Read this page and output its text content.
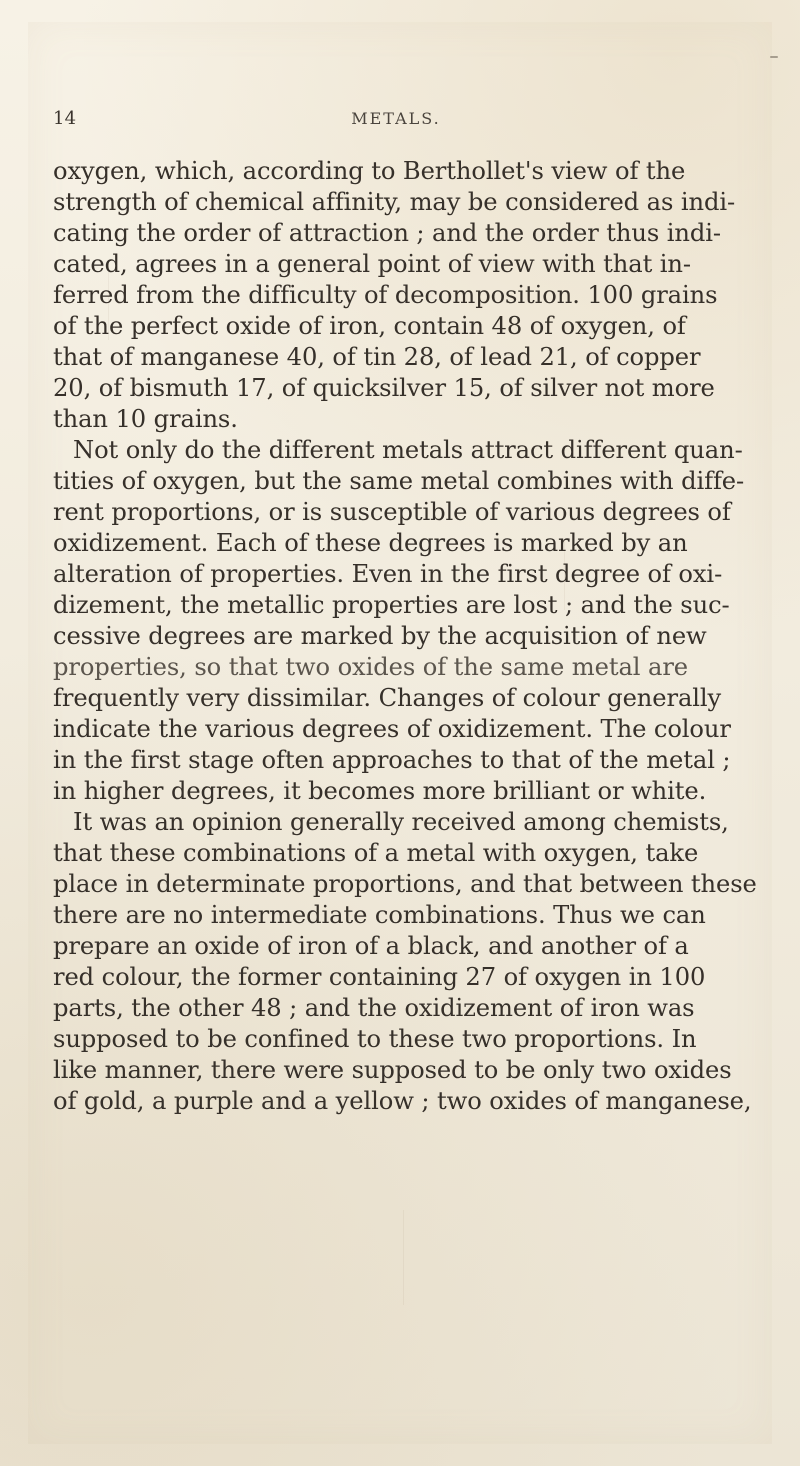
14	METALS.
oxygen, which, according to Berthollet's view of the
strength of chemical affinity, may be considered as indi-
cating the order of attraction ; and the order thus indi-
cated, agrees in a general point of view with that in-
ferred from the difficulty of decomposition. 100 grains
of the perfect oxide of iron, contain 48 of oxygen, of
that of manganese 40, of tin 28, of lead 21, of copper
20, of bismuth 17, of quicksilver 15, of silver not more
than 10 grains.
Not only do the different metals attract different quan-
tities of oxygen, but the same metal combines with diffe-
rent proportions, or is susceptible of various degrees of
oxidizement. Each of these degrees is marked by an
alteration of properties. Even in the first degree of oxi-
dizement, the metallic properties are lost ; and the suc-
cessive degrees are marked by the acquisition of new
properties, so that two oxides of the same metal are
frequently very dissimilar. Changes of colour generally
indicate the various degrees of oxidizement. The colour
in the first stage often approaches to that of the metal ;
in higher degrees, it becomes more brilliant or white.
It was an opinion generally received among chemists,
that these combinations of a metal with oxygen, take
place in determinate proportions, and that between these
there are no intermediate combinations. Thus we can
prepare an oxide of iron of a black, and another of a
red colour, the former containing 27 of oxygen in 100
parts, the other 48 ; and the oxidizement of iron was
supposed to be confined to these two proportions. In
like manner, there were supposed to be only two oxides
of gold, a purple and a yellow ; two oxides of manganese,
